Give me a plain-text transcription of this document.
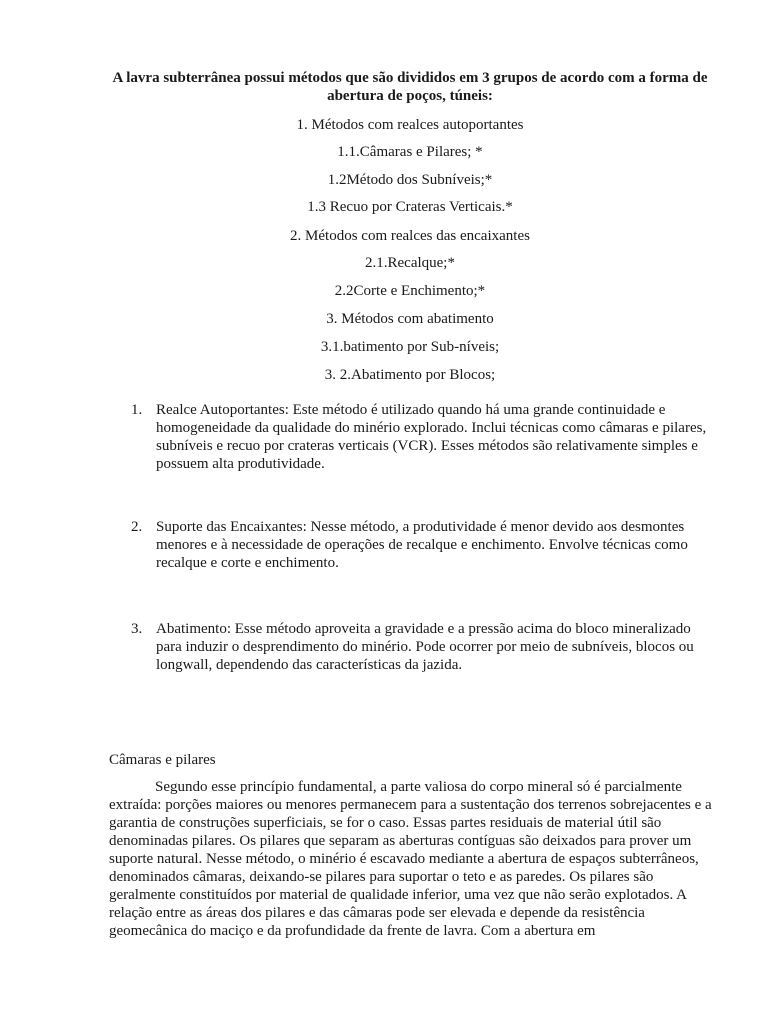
A lavra subterrânea possui métodos que são divididos em 3 grupos de acordo com a forma de abertura de poços, túneis:
1. Métodos com realces autoportantes
1.1.Câmaras e Pilares; *
1.2Método dos Subníveis;*
1.3 Recuo por Crateras Verticais.*
2. Métodos com realces das encaixantes
2.1.Recalque;*
2.2Corte e Enchimento;*
3. Métodos com abatimento
3.1.batimento por Sub-níveis;
3. 2.Abatimento por Blocos;
1. Realce Autoportantes: Este método é utilizado quando há uma grande continuidade e homogeneidade da qualidade do minério explorado. Inclui técnicas como câmaras e pilares, subníveis e recuo por crateras verticais (VCR). Esses métodos são relativamente simples e possuem alta produtividade.
2. Suporte das Encaixantes: Nesse método, a produtividade é menor devido aos desmontes menores e à necessidade de operações de recalque e enchimento. Envolve técnicas como recalque e corte e enchimento.
3. Abatimento: Esse método aproveita a gravidade e a pressão acima do bloco mineralizado para induzir o desprendimento do minério. Pode ocorrer por meio de subníveis, blocos ou longwall, dependendo das características da jazida.
Câmaras e pilares
Segundo esse princípio fundamental, a parte valiosa do corpo mineral só é parcialmente extraída: porções maiores ou menores permanecem para a sustentação dos terrenos sobrejacentes e a garantia de construções superficiais, se for o caso. Essas partes residuais de material útil são denominadas pilares. Os pilares que separam as aberturas contíguas são deixados para prover um suporte natural. Nesse método, o minério é escavado mediante a abertura de espaços subterrâneos, denominados câmaras, deixando-se pilares para suportar o teto e as paredes. Os pilares são geralmente constituídos por material de qualidade inferior, uma vez que não serão explotados. A relação entre as áreas dos pilares e das câmaras pode ser elevada e depende da resistência geomecânica do maciço e da profundidade da frente de lavra. Com a abertura em
